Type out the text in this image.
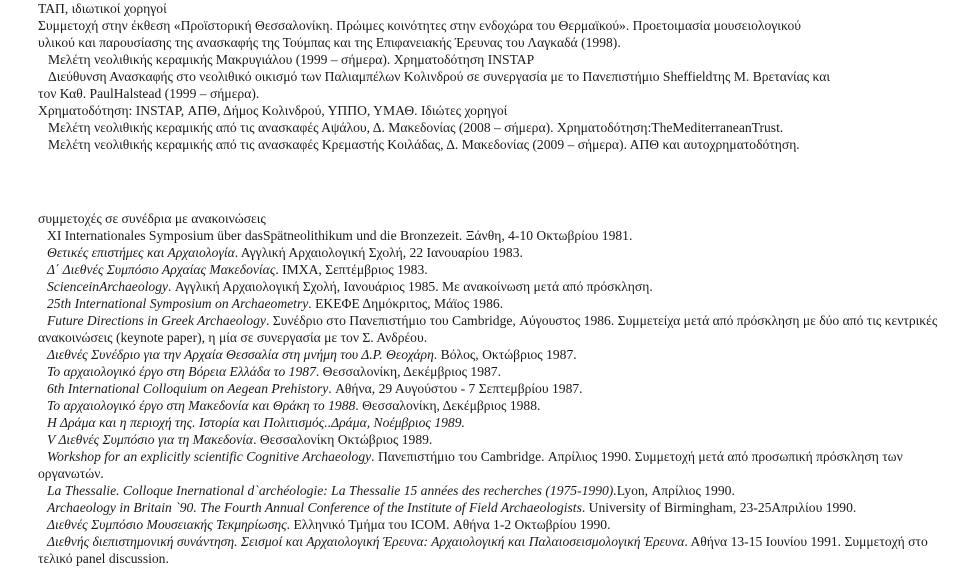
ΤΑΠ, ιδιωτικοί χορηγοί
Συμμετοχή στην έκθεση «Προϊστορική Θεσσαλονίκη. Πρώιμες κοινότητες στην ενδοχώρα του Θερμαϊκού». Προετοιμασία μουσειολογικού
υλικού και παρουσίασης της ανασκαφής της Τούμπας και της Επιφανειακής Έρευνας του Λαγκαδά (1998).
Μελέτη νεολιθικής κεραμικής Μακρυγιάλου (1999 – σήμερα). Χρηματοδότηση INSTAP
Διεύθυνση Ανασκαφής στο νεολιθικό οικισμό των Παλιαμπέλων Κολινδρού σε συνεργασία με το Πανεπιστήμιο Sheffieldτης Μ. Βρετανίας και
τον Καθ. PaulHalstead (1999 – σήμερα).
Χρηματοδότηση: INSTAP, ΑΠΘ, Δήμος Κολινδρού, ΥΠΠΟ, ΥΜΑΘ. Ιδιώτες χορηγοί
Μελέτη νεολιθικής κεραμικής από τις ανασκαφές Αψάλου, Δ. Μακεδονίας (2008 – σήμερα). Χρηματοδότηση:TheMediterraneanTrust.
Μελέτη νεολιθικής κεραμικής από τις ανασκαφές Κρεμαστής Κοιλάδας, Δ. Μακεδονίας (2009 – σήμερα). ΑΠΘ και αυτοχρηματοδότηση.
συμμετοχές σε συνέδρια με ανακοινώσεις
XI Internationales Symposium über dasSpätneolithikum und die Bronzezeit. Ξάνθη, 4-10 Οκτωβρίου 1981.
Θετικές επιστήμες και Αρχαιολογία. Αγγλική Αρχαιολογική Σχολή, 22 Ιανουαρίου 1983.
Δ΄ Διεθνές Συμπόσιο Αρχαίας Μακεδονίας. ΙΜΧΑ, Σεπτέμβριος 1983.
ScienceinArchaeology. Αγγλική Αρχαιολογική Σχολή, Ιανουάριος 1985. Με ανακοίνωση μετά από πρόσκληση.
25th International Symposium on Archaeometry. ΕΚΕΦΕ Δημόκριτος, Μάϊος 1986.
Future Directions in Greek Archaeology. Συνέδριο στο Πανεπιστήμιο του Cambridge, Αύγουστος 1986. Συμμετείχα μετά από πρόσκληση με δύο από τις κεντρικές
ανακοινώσεις (keynote paper), η μία σε συνεργασία με τον Σ. Ανδρέου.
Διεθνές Συνέδριο για την Αρχαία Θεσσαλία στη μνήμη του Δ.Ρ. Θεοχάρη. Βόλος, Οκτώβριος 1987.
Το αρχαιολογικό έργο στη Βόρεια Ελλάδα το 1987. Θεσσαλονίκη, Δεκέμβριος 1987.
6th International Colloquium on Aegean Prehistory. Αθήνα, 29 Αυγούστου - 7 Σεπτεμβρίου 1987.
Το αρχαιολογικό έργο στη Μακεδονία και Θράκη το 1988. Θεσσαλονίκη, Δεκέμβριος 1988.
Η Δράμα και η περιοχή της. Ιστορία και Πολιτισμός..Δράμα, Νοέμβριος 1989.
V Διεθνές Συμπόσιο για τη Μακεδονία. Θεσσαλονίκη Οκτώβριος 1989.
Workshop for an explicitly scientific Cognitive Archaeology. Πανεπιστήμιο του Cambridge. Απρίλιος 1990. Συμμετοχή μετά από προσωπική πρόσκληση των
οργανωτών.
La Thessalie. Colloque Inernational d`archéologie: La Thessalie 15 années des recherches (1975-1990).Lyon, Απρίλιος 1990.
Archaeology in Britain `90. The Fourth Annual Conference of the Institute of Field Archaeologists. University of Birmingham, 23-25Απριλίου 1990.
Διεθνές Συμπόσιο Μουσειακής Τεκμηρίωσης. Ελληνικό Τμήμα του ICOM. Αθήνα 1-2 Οκτωβρίου 1990.
Διεθνής διεπιστημονική συνάντηση. Σεισμοί και Αρχαιολογική Έρευνα: Αρχαιολογική και Παλαιοσεισμολογική Έρευνα. Αθήνα 13-15 Ιουνίου 1991. Συμμετοχή στο
τελικό panel discussion.
